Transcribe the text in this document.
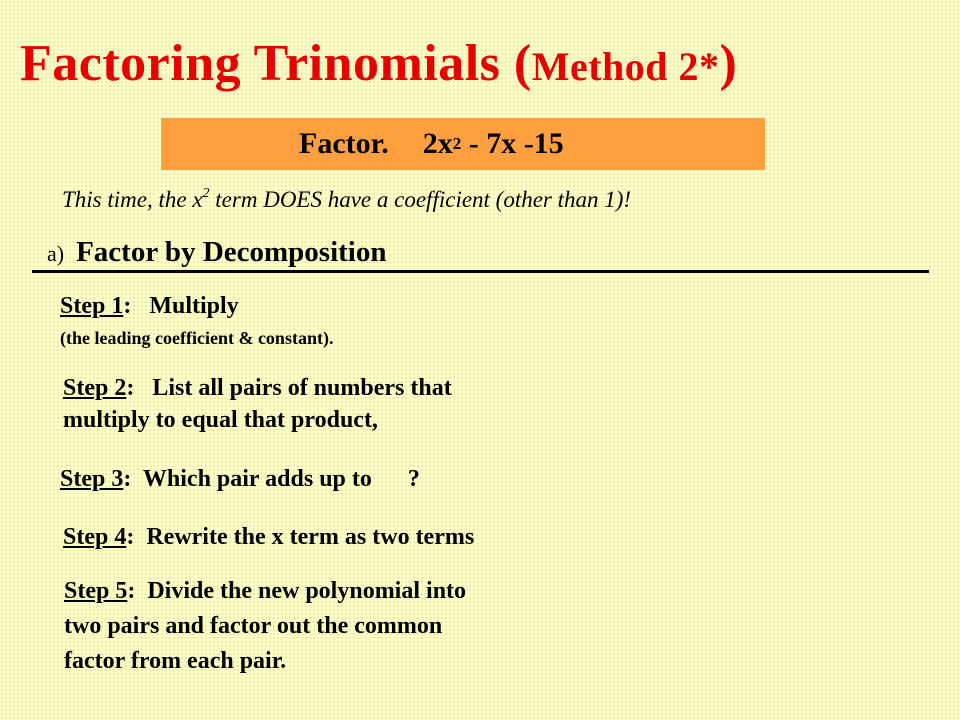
Factoring Trinomials (Method 2*)
Factor. 2x 2 - 7x -15
This time, the $x^2$ term DOES have a coefficient (other than 1)!
a) Factor by Decomposition
Step 1:   Multiply
(the leading coefficient & constant).
Step 2:   List all pairs of numbers that
multiply to equal that product,
Step 3:  Which pair adds up to      ?
Step 4:  Rewrite the x term as two terms
Step 5:  Divide the new polynomial into
two pairs and factor out the common
factor from each pair.
